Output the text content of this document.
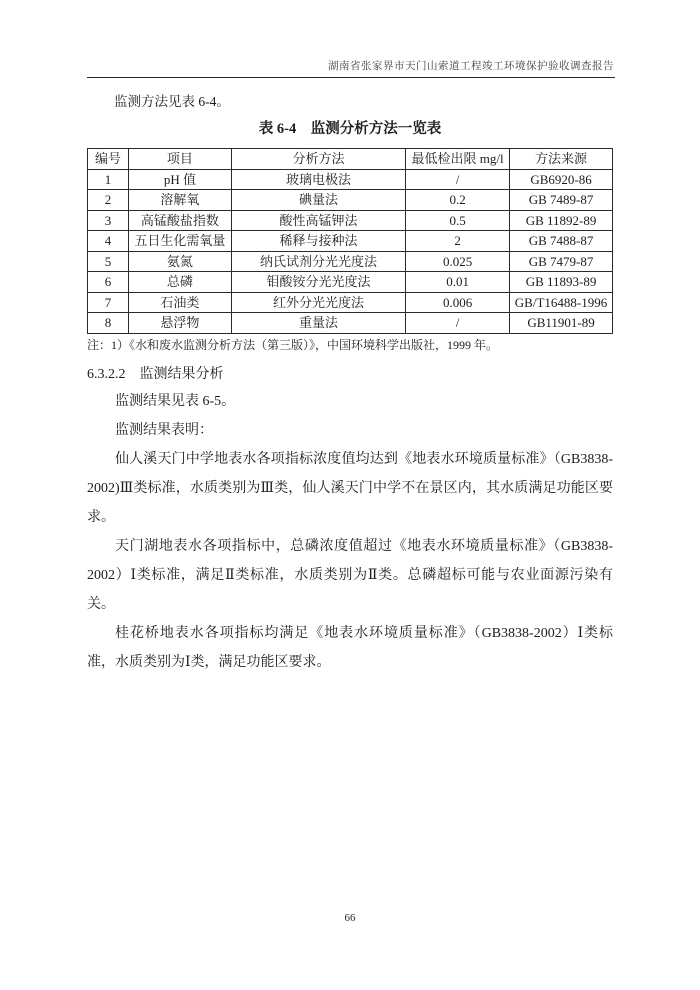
湖南省张家界市天门山索道工程竣工环境保护验收调查报告

监测方法见表 6-4。

表 6-4　监测分析方法一览表
编号	项目	分析方法	最低检出限 mg/l	方法来源
1	pH 值	玻璃电极法	/	GB6920-86
2	溶解氧	碘量法	0.2	GB 7489-87
3	高锰酸盐指数	酸性高锰钾法	0.5	GB 11892-89
4	五日生化需氧量	稀释与接种法	2	GB 7488-87
5	氨氮	纳氏试剂分光光度法	0.025	GB 7479-87
6	总磷	钼酸铵分光光度法	0.01	GB 11893-89
7	石油类	红外分光光度法	0.006	GB/T16488-1996
8	悬浮物	重量法	/	GB11901-89

注：1）《水和废水监测分析方法（第三版）》，中国环境科学出版社，1999 年。

6.3.2.2　监测结果分析

监测结果见表 6-5。

监测结果表明：

仙人溪天门中学地表水各项指标浓度值均达到《地表水环境质量标准》（GB3838-2002)Ⅲ类标准，水质类别为Ⅲ类，仙人溪天门中学不在景区内，其水质满足功能区要求。

天门湖地表水各项指标中，总磷浓度值超过《地表水环境质量标准》（GB3838-2002）Ⅰ类标准，满足Ⅱ类标准，水质类别为Ⅱ类。总磷超标可能与农业面源污染有关。

桂花桥地表水各项指标均满足《地表水环境质量标准》（GB3838-2002）Ⅰ类标准，水质类别为Ⅰ类，满足功能区要求。

66
